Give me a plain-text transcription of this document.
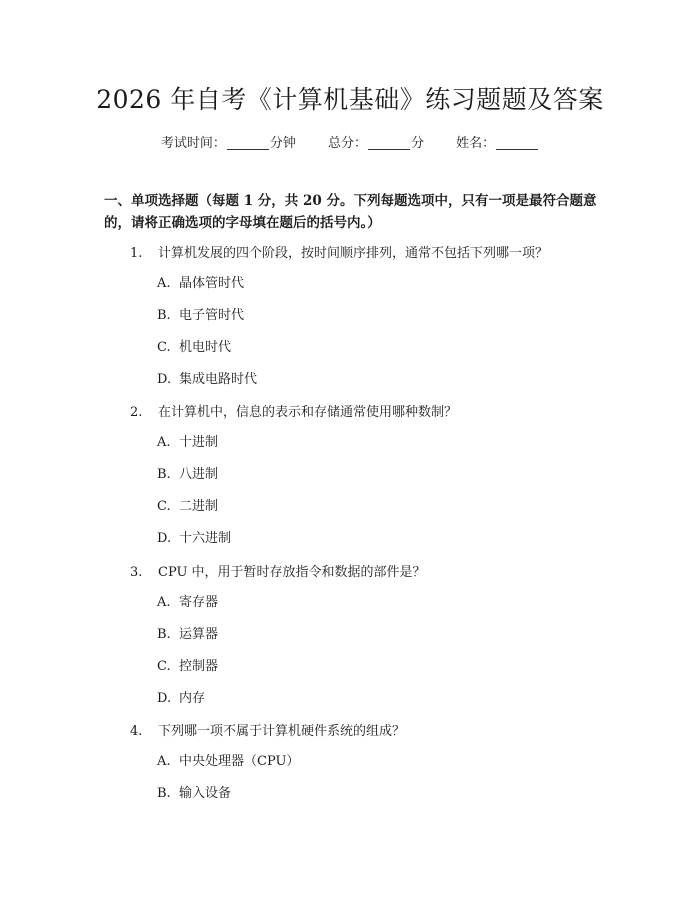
2026 年自考《计算机基础》练习题题及答案
考试时间：	分钟 总分：	分 姓名：
一、单项选择题（每题 1 分，共 20 分。下列每题选项中，只有一项是最符合题意的，请将正确选项的字母填在题后的括号内。）
1. 计算机发展的四个阶段，按时间顺序排列，通常不包括下列哪一项？
A. 晶体管时代
B. 电子管时代
C. 机电时代
D. 集成电路时代
2. 在计算机中，信息的表示和存储通常使用哪种数制？
A. 十进制
B. 八进制
C. 二进制
D. 十六进制
3. CPU 中，用于暂时存放指令和数据的部件是？
A. 寄存器
B. 运算器
C. 控制器
D. 内存
4. 下列哪一项不属于计算机硬件系统的组成？
A. 中央处理器（CPU）
B. 输入设备
